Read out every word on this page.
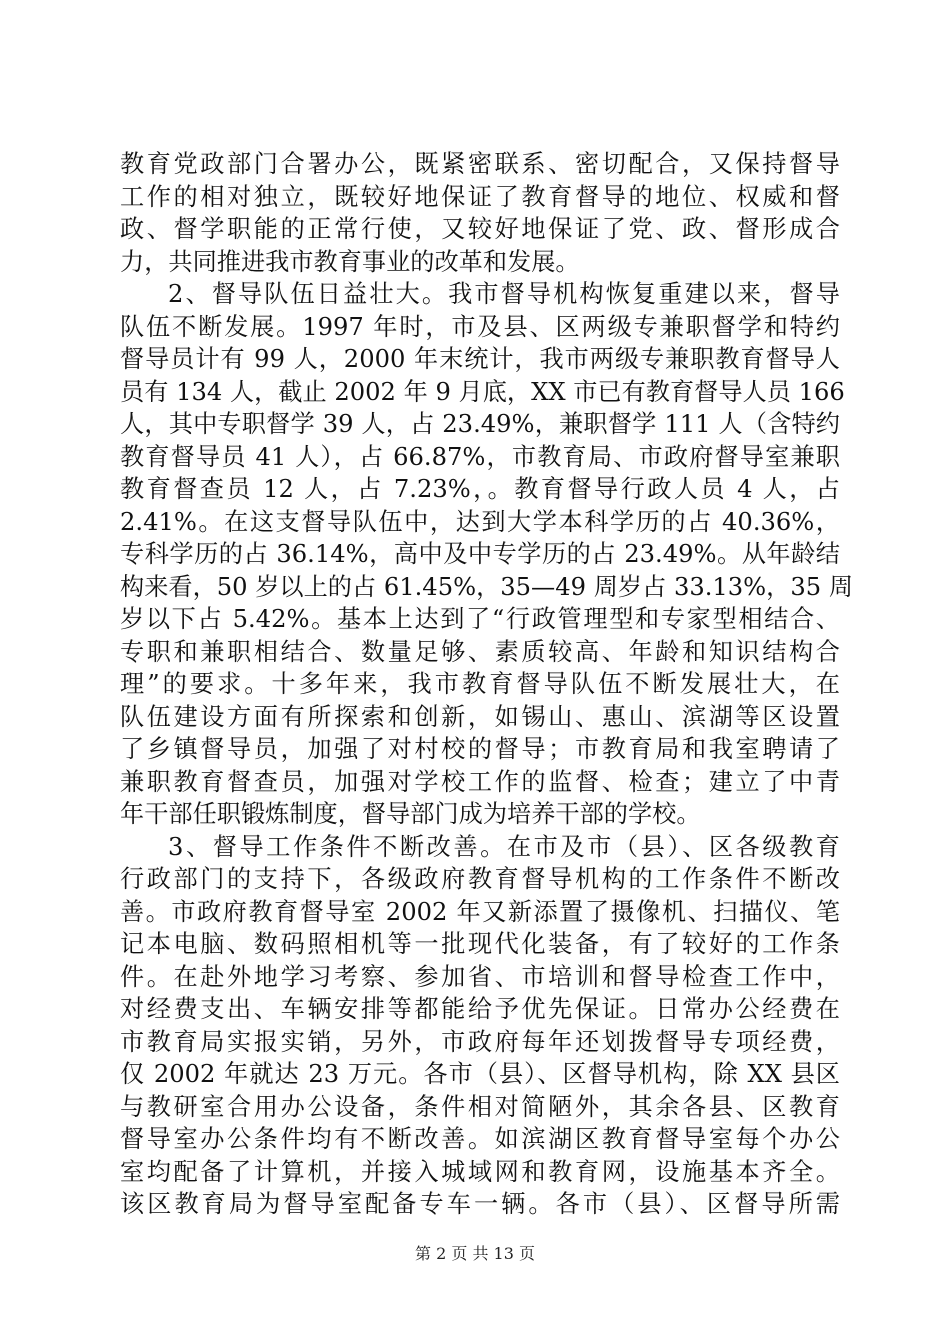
教育党政部门合署办公，既紧密联系、密切配合，又保持督导
工作的相对独立，既较好地保证了教育督导的地位、权威和督
政、督学职能的正常行使，又较好地保证了党、政、督形成合
力，共同推进我市教育事业的改革和发展。
2、督导队伍日益壮大。我市督导机构恢复重建以来，督导
队伍不断发展。1997 年时，市及县、区两级专兼职督学和特约
督导员计有 99 人，2000 年末统计，我市两级专兼职教育督导人
员有 134 人，截止 2002 年 9 月底，XX 市已有教育督导人员 166
人，其中专职督学 39 人，占 23.49%，兼职督学 111 人（含特约
教育督导员 41 人），占 66.87%，市教育局、市政府督导室兼职
教育督查员 12 人，占 7.23%，。教育督导行政人员 4 人，占
2.41%。在这支督导队伍中，达到大学本科学历的占 40.36%，
专科学历的占 36.14%，高中及中专学历的占 23.49%。从年龄结
构来看，50 岁以上的占 61.45%，35—49 周岁占 33.13%，35 周
岁以下占 5.42%。基本上达到了“行政管理型和专家型相结合、
专职和兼职相结合、数量足够、素质较高、年龄和知识结构合
理”的要求。十多年来，我市教育督导队伍不断发展壮大，在
队伍建设方面有所探索和创新，如锡山、惠山、滨湖等区设置
了乡镇督导员，加强了对村校的督导；市教育局和我室聘请了
兼职教育督查员，加强对学校工作的监督、检查；建立了中青
年干部任职锻炼制度，督导部门成为培养干部的学校。
3、督导工作条件不断改善。在市及市（县）、区各级教育
行政部门的支持下，各级政府教育督导机构的工作条件不断改
善。市政府教育督导室 2002 年又新添置了摄像机、扫描仪、笔
记本电脑、数码照相机等一批现代化装备，有了较好的工作条
件。在赴外地学习考察、参加省、市培训和督导检查工作中，
对经费支出、车辆安排等都能给予优先保证。日常办公经费在
市教育局实报实销，另外，市政府每年还划拨督导专项经费，
仅 2002 年就达 23 万元。各市（县）、区督导机构，除 XX 县区
与教研室合用办公设备，条件相对简陋外，其余各县、区教育
督导室办公条件均有不断改善。如滨湖区教育督导室每个办公
室均配备了计算机，并接入城域网和教育网，设施基本齐全。
该区教育局为督导室配备专车一辆。各市（县）、区督导所需
第 2 页 共 13 页
